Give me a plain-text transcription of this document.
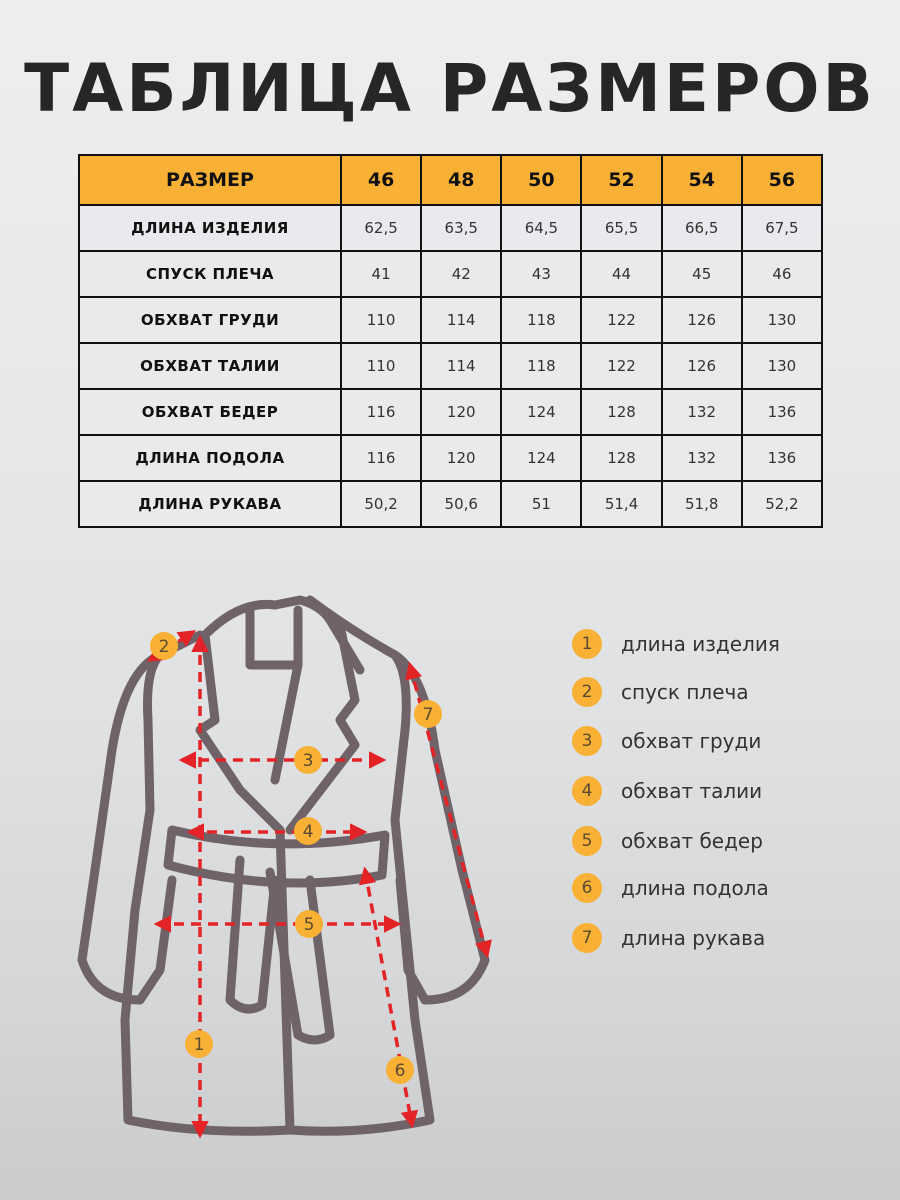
ТАБЛИЦА РАЗМЕРОВ
РАЗМЕР	46	48	50	52	54	56
ДЛИНА ИЗДЕЛИЯ	62,5	63,5	64,5	65,5	66,5	67,5
СПУСК ПЛЕЧА	41	42	43	44	45	46
ОБХВАТ ГРУДИ	110	114	118	122	126	130
ОБХВАТ ТАЛИИ	110	114	118	122	126	130
ОБХВАТ БЕДЕР	116	120	124	128	132	136
ДЛИНА ПОДОЛА	116	120	124	128	132	136
ДЛИНА РУКАВА	50,2	50,6	51	51,4	51,8	52,2
1
2
3
4
5
6
7
1	длина изделия
2	спуск плеча
3	обхват груди
4	обхват талии
5	обхват бедер
6	длина подола
7	длина рукава
